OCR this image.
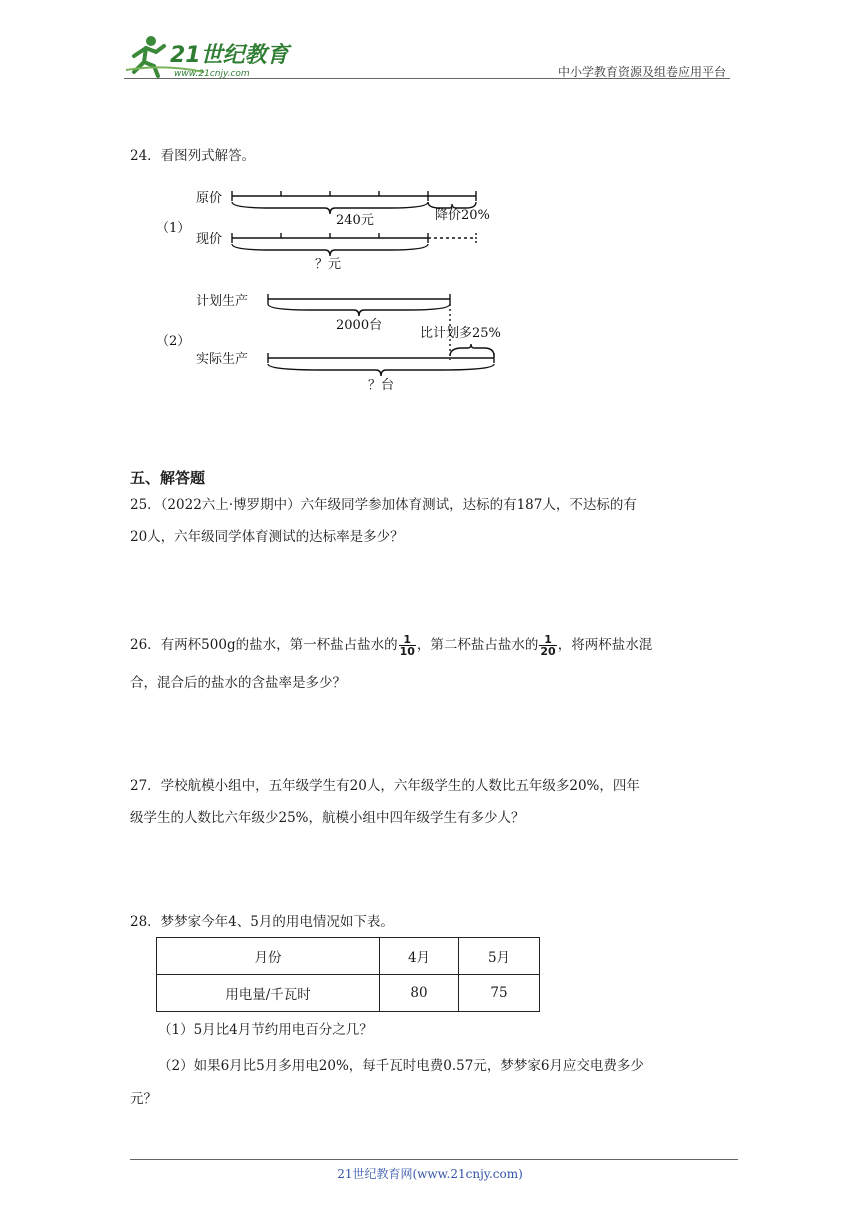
21世纪教育
www.21cnjy.com	中小学教育资源及组卷应用平台
24．看图列式解答。
（1）
原价
240元	降价20%
现价
？元
（2）
计划生产
2000台
比计划多25%
实际生产
？台
五、解答题
25．（2022六上·博罗期中）六年级同学参加体育测试，达标的有187人，不达标的有
20人，六年级同学体育测试的达标率是多少？
26．有两杯500g的盐水，第一杯盐占盐水的 $\frac{1}{10}$ ，第二杯盐占盐水的 $\frac{1}{20}$ ，将两杯盐水混
合，混合后的盐水的含盐率是多少？
27．学校航模小组中，五年级学生有20人，六年级学生的人数比五年级多20%，四年
级学生的人数比六年级少25%，航模小组中四年级学生有多少人？
28．梦梦家今年4、5月的用电情况如下表。
月份	4月	5月
用电量/千瓦时	80	75
（1）5月比4月节约用电百分之几？
（2）如果6月比5月多用电20%，每千瓦时电费0.57元，梦梦家6月应交电费多少
元？
21世纪教育网(www.21cnjy.com)
